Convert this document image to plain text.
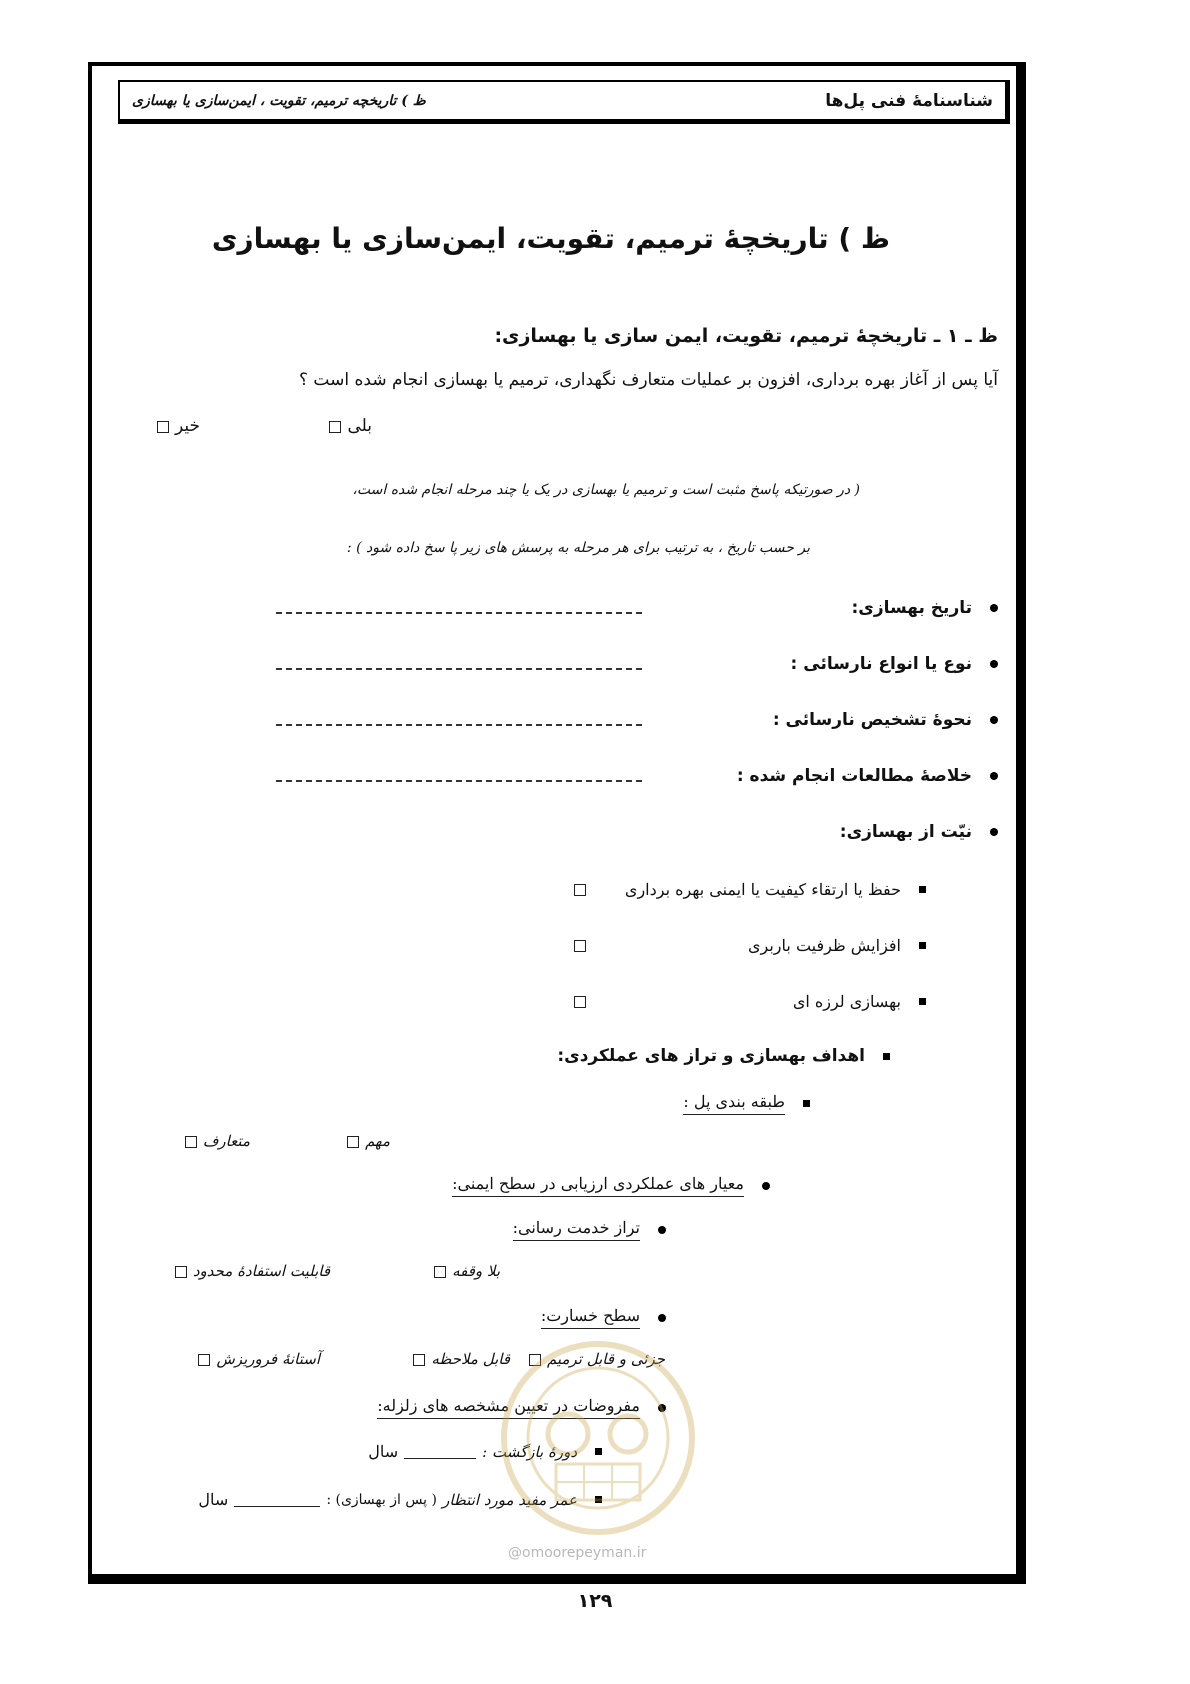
شناسنامۀ فنی پل‌ها
ظ ) تاریخچه ترمیم، تقویت ، ایمن‌سازی یا بهسازی
ظ ) تاریخچۀ ترمیم، تقویت، ایمن‌سازی یا بهسازی
ظ ـ ۱ ـ تاریخچۀ ترمیم، تقویت، ایمن سازی یا بهسازی:
آیا پس از آغاز بهره برداری، افزون بر عملیات متعارف نگهداری، ترمیم یا بهسازی انجام شده است ؟
بلی
خیر
( در صورتیکه پاسخ مثبت است و ترمیم یا بهسازی در یک یا چند مرحله انجام شده است،
بر حسب تاریخ ، به ترتیب برای هر مرحله به پرسش های زیر پا سخ داده شود ) :
تاریخ بهسازی:
نوع یا انواع نارسائی :
نحوۀ تشخیص نارسائی :
خلاصۀ مطالعات انجام شده :
نیّت از بهسازی:
حفظ یا ارتقاء کیفیت یا ایمنی بهره برداری
افزایش ظرفیت باربری
بهسازی لرزه ای
اهداف بهسازی و تراز های عملکردی:
طبقه بندی پل :
مهم
متعارف
معیار های عملکردی ارزیابی در سطح ایمنی:
تراز خدمت رسانی:
بلا وقفه
قابلیت استفادۀ محدود
سطح خسارت:
جزئی و قابل ترمیم
قابل ملاحظه
آستانۀ فروریزش
مفروضات در تعیین مشخصه های زلزله:
دورۀ بازگشت :
سال
عمر مفید مورد انتظار

( پس از بهسازی) :
سال
@omoorepeyman.ir
۱۲۹
